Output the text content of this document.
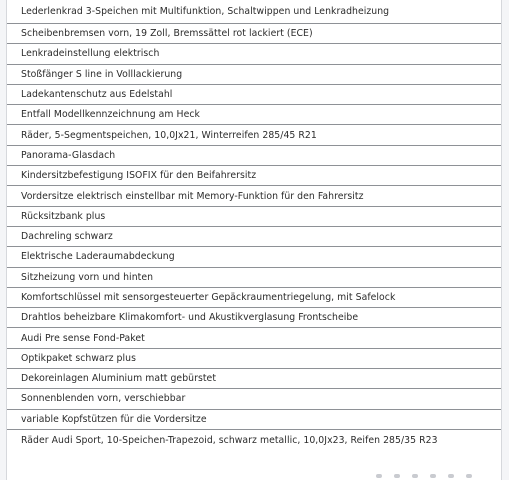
Lederlenkrad 3-Speichen mit Multifunktion, Schaltwippen und Lenkradheizung
Scheibenbremsen vorn, 19 Zoll, Bremssättel rot lackiert (ECE)
Lenkradeinstellung elektrisch
Stoßfänger S line in Volllackierung
Ladekantenschutz aus Edelstahl
Entfall Modellkennzeichnung am Heck
Räder, 5-Segmentspeichen, 10,0Jx21, Winterreifen 285/45 R21
Panorama-Glasdach
Kindersitzbefestigung ISOFIX für den Beifahrersitz
Vordersitze elektrisch einstellbar mit Memory-Funktion für den Fahrersitz
Rücksitzbank plus
Dachreling schwarz
Elektrische Laderaumabdeckung
Sitzheizung vorn und hinten
Komfortschlüssel mit sensorgesteuerter Gepäckraumentriegelung, mit Safelock
Drahtlos beheizbare Klimakomfort- und Akustikverglasung Frontscheibe
Audi Pre sense Fond-Paket
Optikpaket schwarz plus
Dekoreinlagen Aluminium matt gebürstet
Sonnenblenden vorn, verschiebbar
variable Kopfstützen für die Vordersitze
Räder Audi Sport, 10-Speichen-Trapezoid, schwarz metallic, 10,0Jx23, Reifen 285/35 R23
